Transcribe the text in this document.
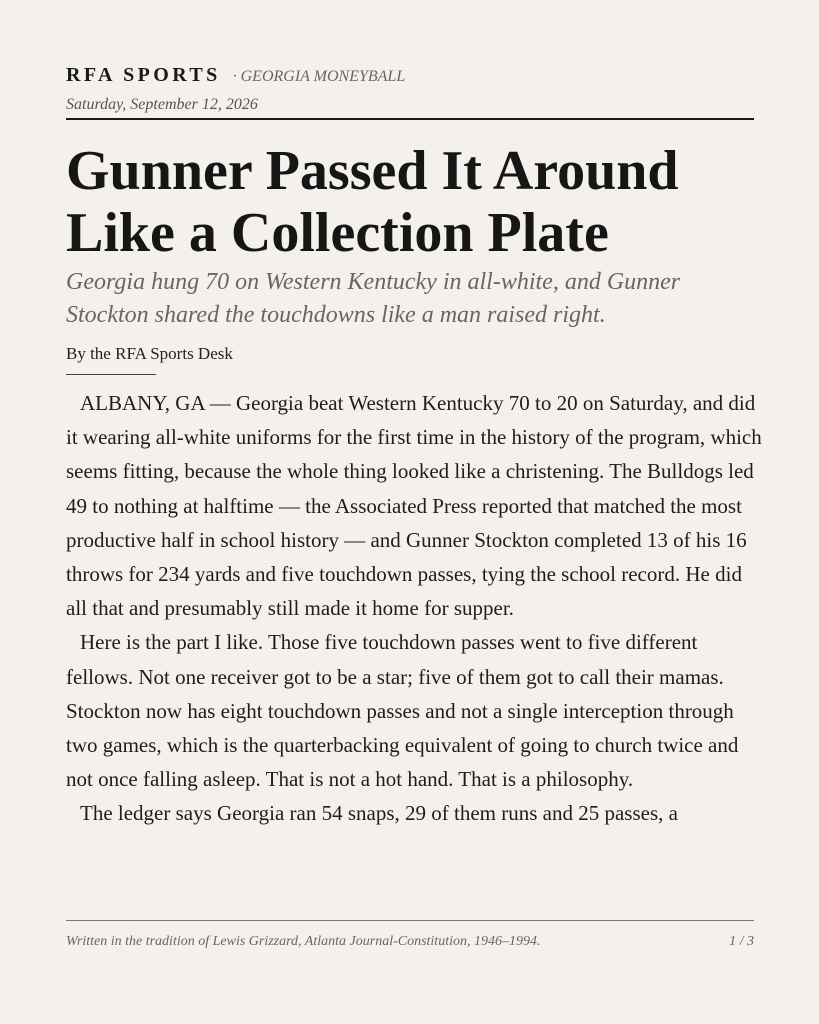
RFA SPORTS · GEORGIA MONEYBALL
Saturday, September 12, 2026
Gunner Passed It Around Like a Collection Plate

Georgia hung 70 on Western Kentucky in all-white, and Gunner Stockton shared the touchdowns like a man raised right.

By the RFA Sports Desk

ALBANY, GA — Georgia beat Western Kentucky 70 to 20 on Saturday, and did it wearing all-white uniforms for the first time in the history of the program, which seems fitting, because the whole thing looked like a christening. The Bulldogs led 49 to nothing at halftime — the Associated Press reported that matched the most productive half in school history — and Gunner Stockton completed 13 of his 16 throws for 234 yards and five touchdown passes, tying the school record. He did all that and presumably still made it home for supper.

Here is the part I like. Those five touchdown passes went to five different fellows. Not one receiver got to be a star; five of them got to call their mamas. Stockton now has eight touchdown passes and not a single interception through two games, which is the quarterbacking equivalent of going to church twice and not once falling asleep. That is not a hot hand. That is a philosophy.

The ledger says Georgia ran 54 snaps, 29 of them runs and 25 passes, a

Written in the tradition of Lewis Grizzard, Atlanta Journal-Constitution, 1946–1994.	1 / 3
